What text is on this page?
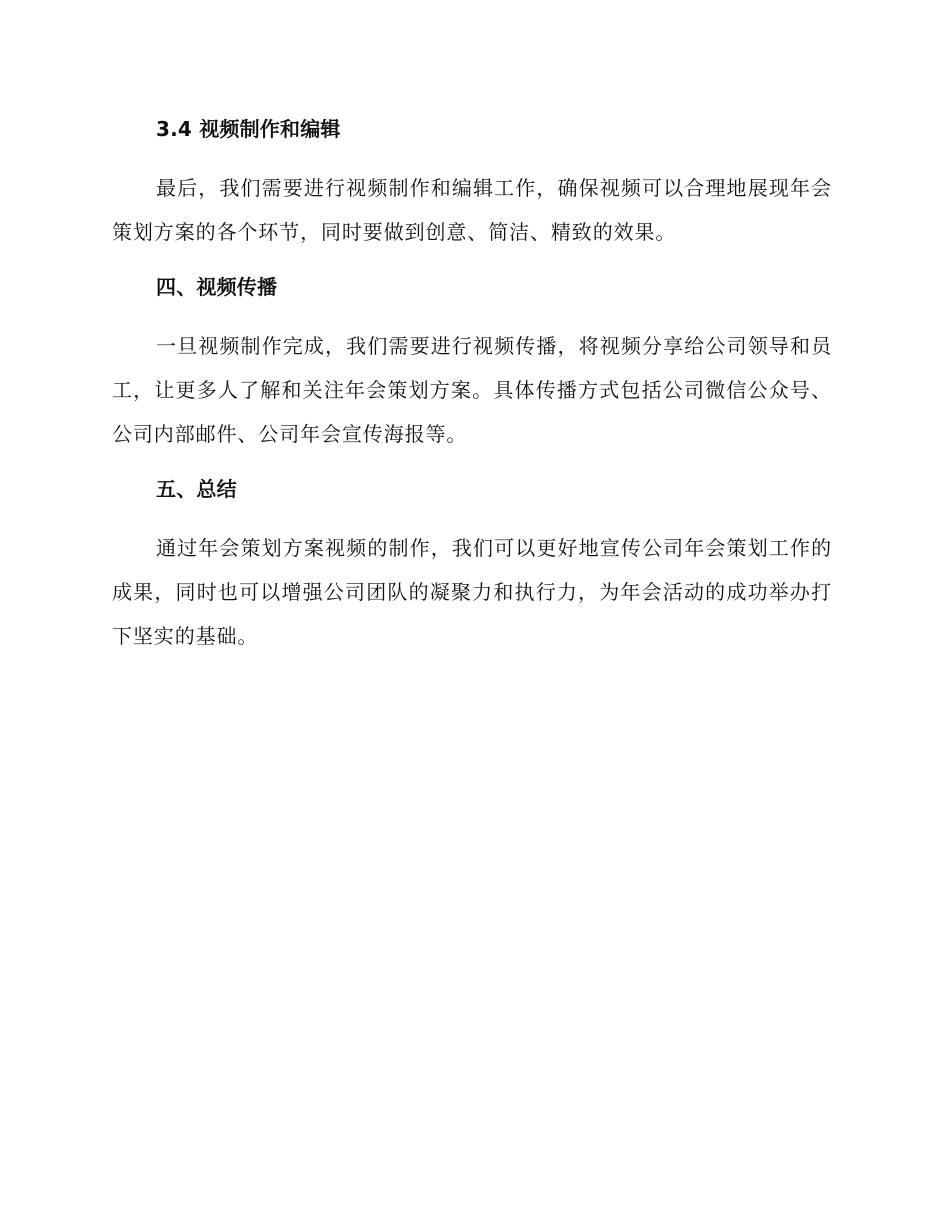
3.4 视频制作和编辑

最后，我们需要进行视频制作和编辑工作，确保视频可以合理地展现年会策划方案的各个环节，同时要做到创意、简洁、精致的效果。

四、视频传播

一旦视频制作完成，我们需要进行视频传播，将视频分享给公司领导和员工，让更多人了解和关注年会策划方案。具体传播方式包括公司微信公众号、公司内部邮件、公司年会宣传海报等。

五、总结

通过年会策划方案视频的制作，我们可以更好地宣传公司年会策划工作的成果，同时也可以增强公司团队的凝聚力和执行力，为年会活动的成功举办打下坚实的基础。
